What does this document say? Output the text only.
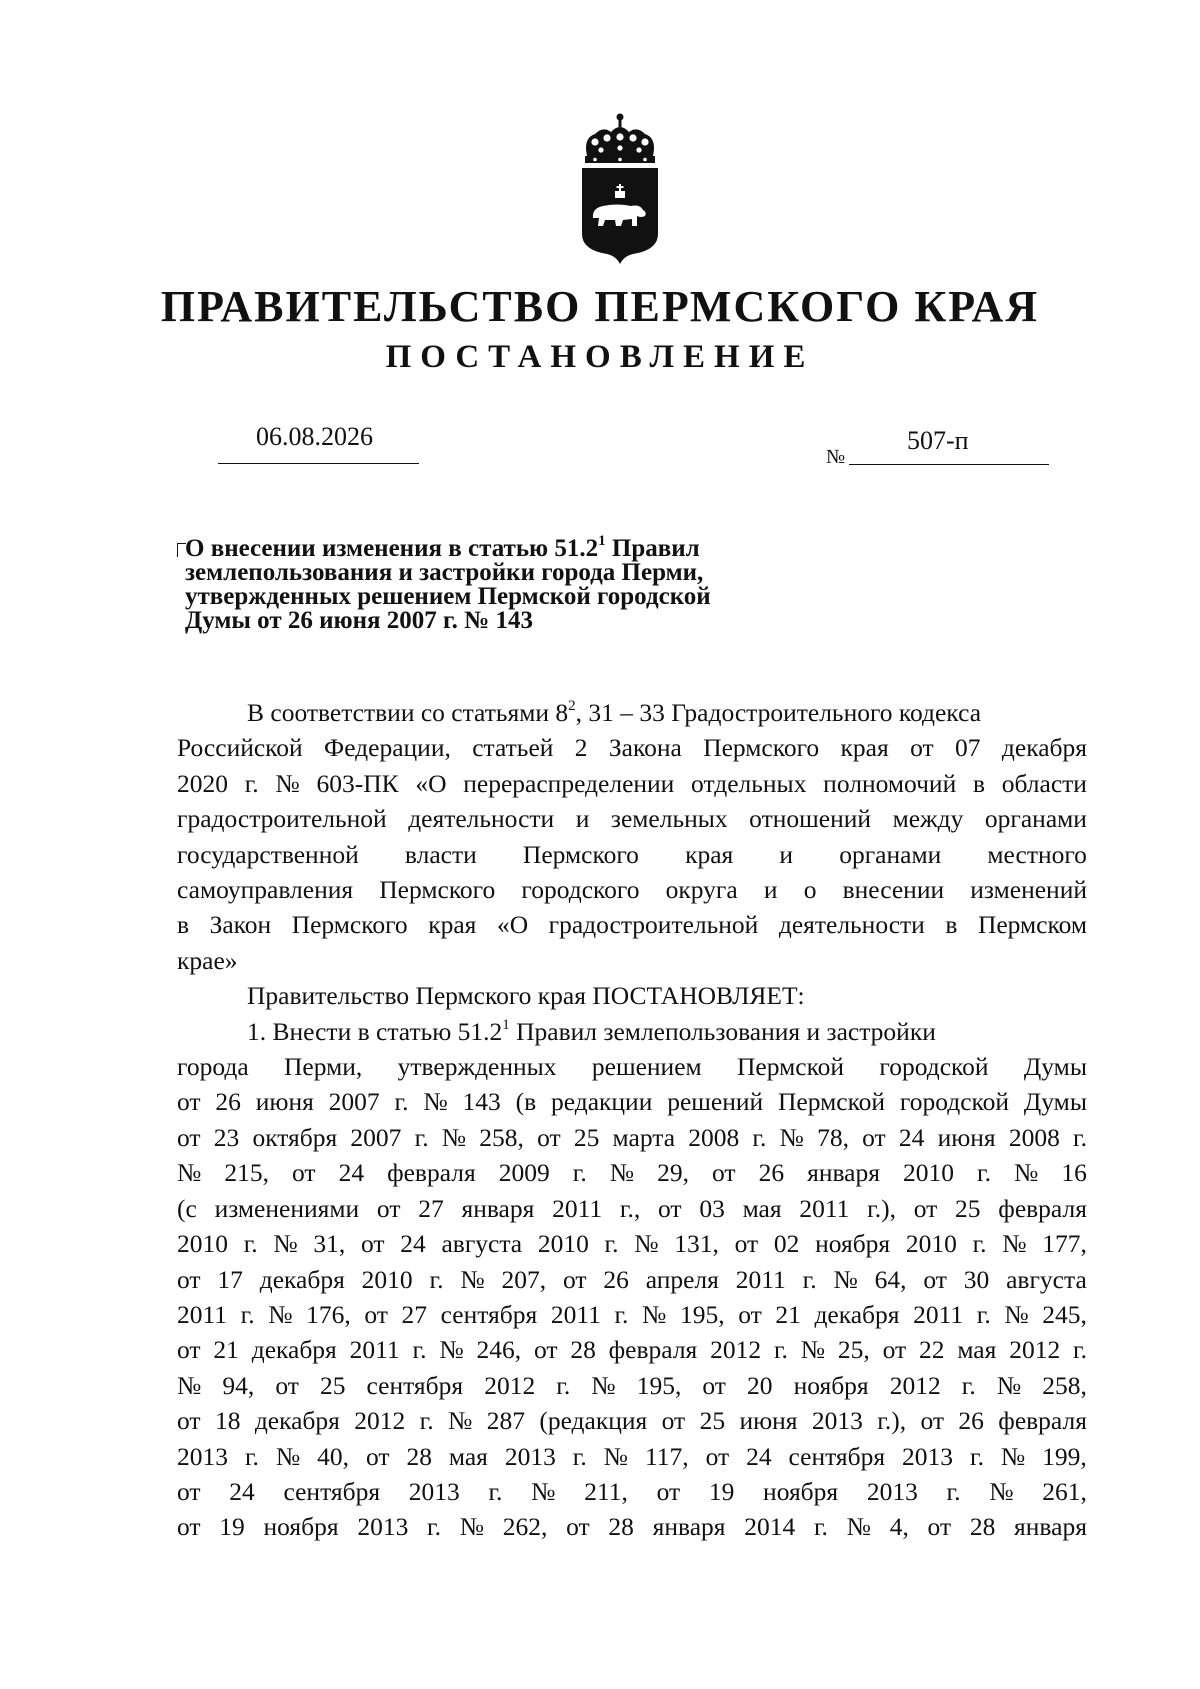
ПРАВИТЕЛЬСТВО ПЕРМСКОГО КРАЯ
ПОСТАНОВЛЕНИЕ
06.08.2026
№
507-п
О внесении изменения в статью 51.2$^1$ Правил
землепользования и застройки города Перми,
утвержденных решением Пермской городской
Думы от 26 июня 2007 г. № 143
В соответствии со статьями $8^2$, 31 – 33 Градостроительного кодекса
Российской Федерации, статьей 2 Закона Пермского края от 07 декабря
2020 г. № 603-ПК «О перераспределении отдельных полномочий в области
градостроительной деятельности и земельных отношений между органами
государственной власти Пермского края и органами местного
самоуправления Пермского городского округа и о внесении изменений
в Закон Пермского края «О градостроительной деятельности в Пермском
крае»
Правительство Пермского края ПОСТАНОВЛЯЕТ:
1. Внести в статью 51.2$^1$ Правил землепользования и застройки
города Перми, утвержденных решением Пермской городской Думы
от 26 июня 2007 г. № 143 (в редакции решений Пермской городской Думы
от 23 октября 2007 г. № 258, от 25 марта 2008 г. № 78, от 24 июня 2008 г.
№ 215, от 24 февраля 2009 г. № 29, от 26 января 2010 г. № 16
(с изменениями от 27 января 2011 г., от 03 мая 2011 г.), от 25 февраля
2010 г. № 31, от 24 августа 2010 г. № 131, от 02 ноября 2010 г. № 177,
от 17 декабря 2010 г. № 207, от 26 апреля 2011 г. № 64, от 30 августа
2011 г. № 176, от 27 сентября 2011 г. № 195, от 21 декабря 2011 г. № 245,
от 21 декабря 2011 г. № 246, от 28 февраля 2012 г. № 25, от 22 мая 2012 г.
№ 94, от 25 сентября 2012 г. № 195, от 20 ноября 2012 г. № 258,
от 18 декабря 2012 г. № 287 (редакция от 25 июня 2013 г.), от 26 февраля
2013 г. № 40, от 28 мая 2013 г. № 117, от 24 сентября 2013 г. № 199,
от 24 сентября 2013 г. № 211, от 19 ноября 2013 г. № 261,
от 19 ноября 2013 г. № 262, от 28 января 2014 г. № 4, от 28 января
